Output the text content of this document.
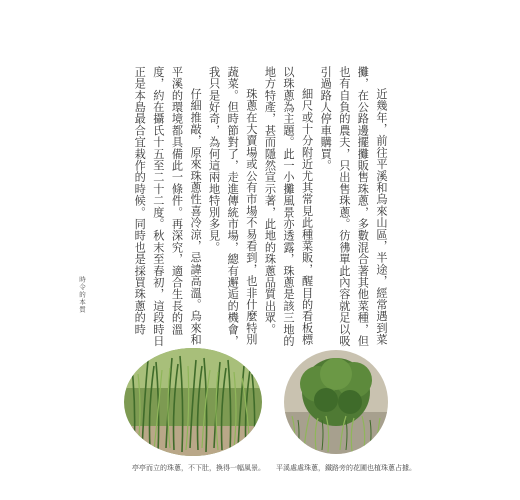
近幾年，前往平溪和烏來山區，半途，經常遇到菜攤，在公路邊擺攤販售珠蔥，多數混合著其他菜種，但也有自負的農夫，只出售珠蔥。彷彿單此內容就足以吸引過路人停車購買。

細尺或十分附近尤其常見此種菜販，醒目的看板標以珠蔥為主題。此一小攤風景亦透露，珠蔥是該三地的地方特產，甚而隱然宣示著，此地的珠蔥品質出眾。

珠蔥在大賣場或公有市場不易看到，也非什麼特別蔬菜。但時節對了，走進傳統市場，總有邂逅的機會，我只是好奇，為何這兩地特別多見。

仔細推敲，原來珠蔥性喜冷涼，忌諱高溫。烏來和平溪的環境都具備此一條件。再深究，適合生長的溫度，約在攝氏十五至二十二度。秋末至春初，這段時日正是本島最合宜栽作的時候。同時也是採買珠蔥的時

時令的本質
亭亭而立的珠蔥，不下肚，換得一幅風景。 平溪處處珠蔥，鐵路旁的花圃也植珠蔥占據。
